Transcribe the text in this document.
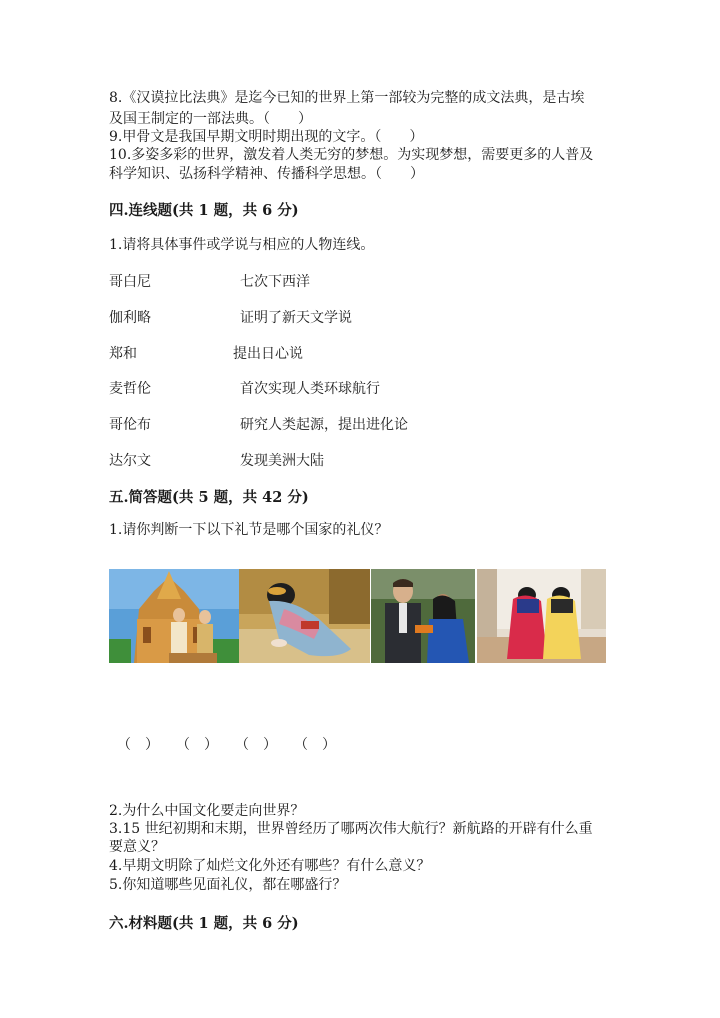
8.《汉谟拉比法典》是迄今已知的世界上第一部较为完整的成文法典，是古埃
及国王制定的一部法典。（　　）
9.甲骨文是我国早期文明时期出现的文字。（　　）
10.多姿多彩的世界，激发着人类无穷的梦想。为实现梦想，需要更多的人普及
科学知识、弘扬科学精神、传播科学思想。（　　）
四.连线题(共 1 题，共 6 分)
1.请将具体事件或学说与相应的人物连线。
哥白尼	七次下西洋
伽利略	证明了新天文学说
郑和	提出日心说
麦哲伦	首次实现人类环球航行
哥伦布	研究人类起源，提出进化论
达尔文	发现美洲大陆
五.简答题(共 5 题，共 42 分)
1.请你判断一下以下礼节是哪个国家的礼仪？
（　） （　） （　） （　）
2.为什么中国文化要走向世界？
3.15 世纪初期和末期，世界曾经历了哪两次伟大航行？新航路的开辟有什么重
要意义？
4.早期文明除了灿烂文化外还有哪些？有什么意义？
5.你知道哪些见面礼仪，都在哪盛行？
六.材料题(共 1 题，共 6 分)
